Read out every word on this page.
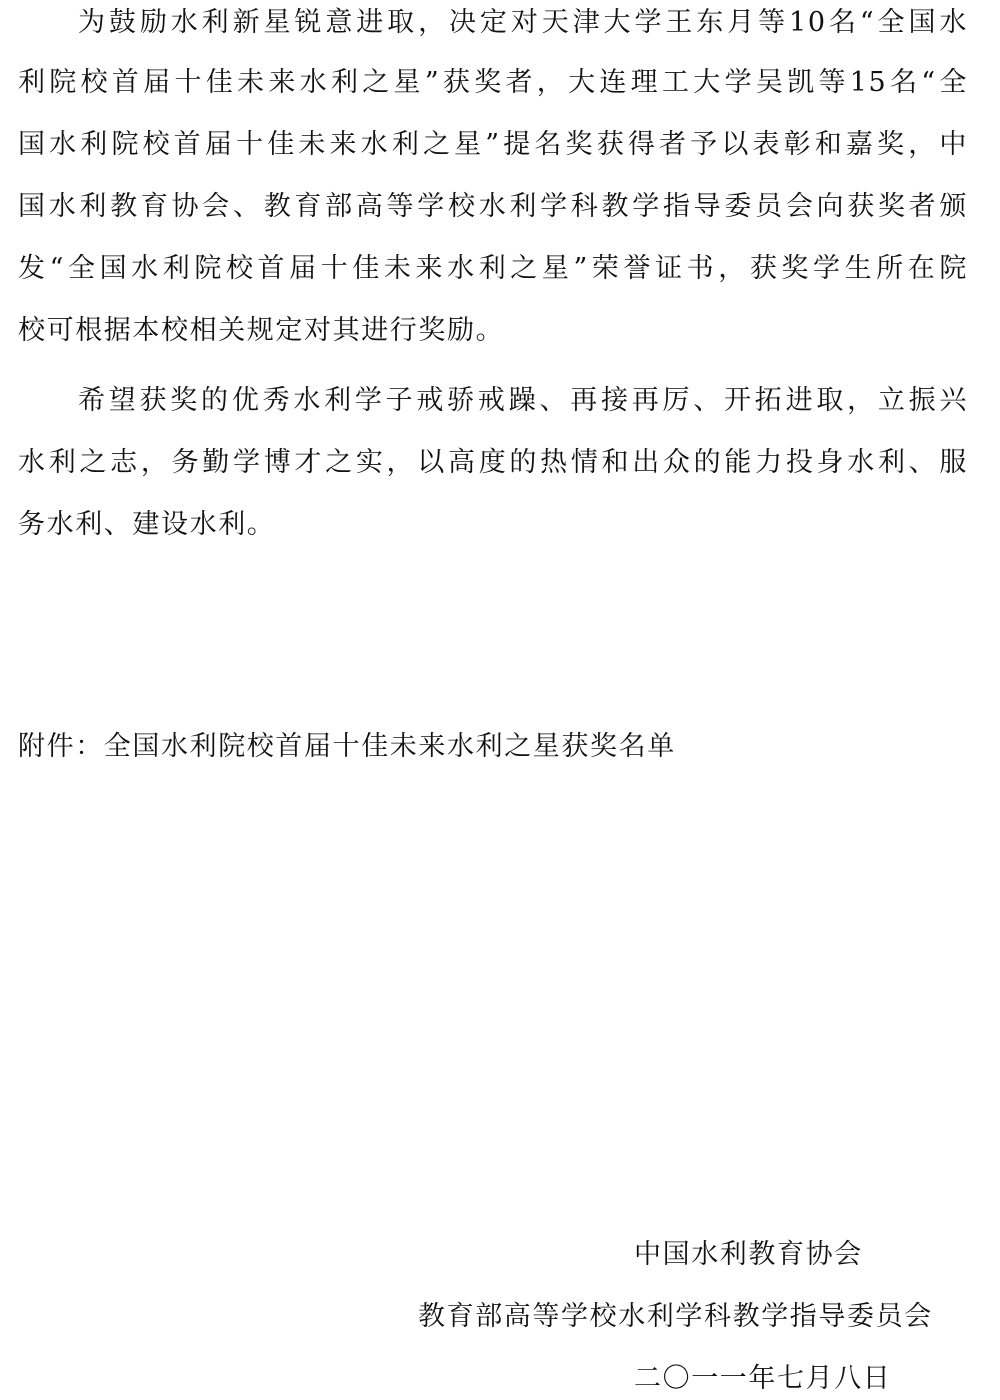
为鼓励水利新星锐意进取，决定对天津大学王东月等10名“全国水
利院校首届十佳未来水利之星”获奖者，大连理工大学吴凯等15名“全
国水利院校首届十佳未来水利之星”提名奖获得者予以表彰和嘉奖，中
国水利教育协会、教育部高等学校水利学科教学指导委员会向获奖者颁
发“全国水利院校首届十佳未来水利之星”荣誉证书，获奖学生所在院
校可根据本校相关规定对其进行奖励。
希望获奖的优秀水利学子戒骄戒躁、再接再厉、开拓进取，立振兴
水利之志，务勤学博才之实，以高度的热情和出众的能力投身水利、服
务水利、建设水利。
附件：全国水利院校首届十佳未来水利之星获奖名单
中国水利教育协会
教育部高等学校水利学科教学指导委员会
二〇一一年七月八日
